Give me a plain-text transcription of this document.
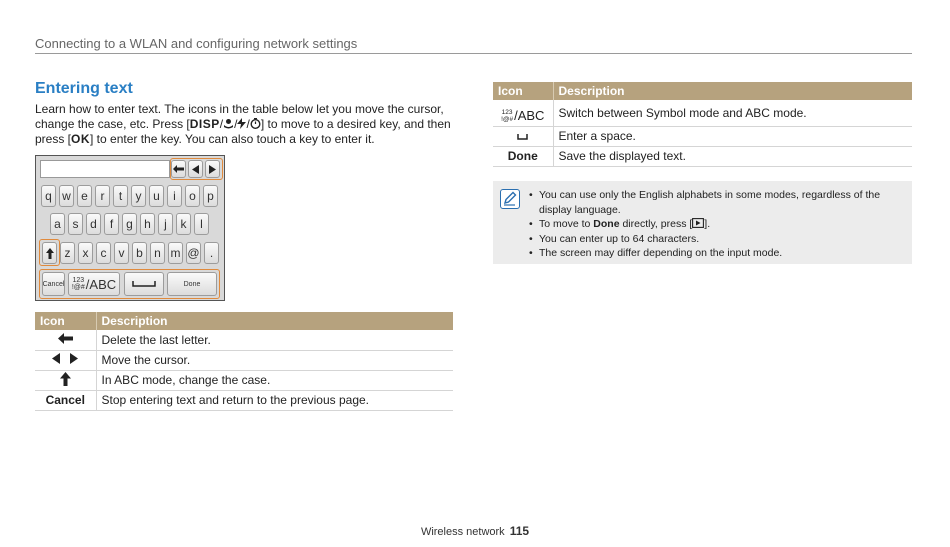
Connecting to a WLAN and configuring network settings
Entering text

Learn how to enter text. The icons in the table below let you move the cursor, change the case, etc. Press [DISP/ / / ] to move to a desired key, and then press [OK] to enter the key. You can also touch a key to enter it.

Cancel 123
!@# /ABC	Done
q w e	r	t	y u	i	o p
a s d	f	g h	j	k	l
z	x	c	v b n m @ .
Icon	Description
	Delete the last letter.
	Move the cursor.
	In ABC mode, change the case.
Cancel	Stop entering text and return to the previous page.
Icon	Description

123
!@# /ABC	Switch between Symbol mode and ABC mode.
	Enter a space.
Done	Save the displayed text.
• You can use only the English alphabets in some modes, regardless of the display language.
• To move to Done directly, press [ ].
• You can enter up to 64 characters.
• The screen may differ depending on the input mode.
Wireless network 115
